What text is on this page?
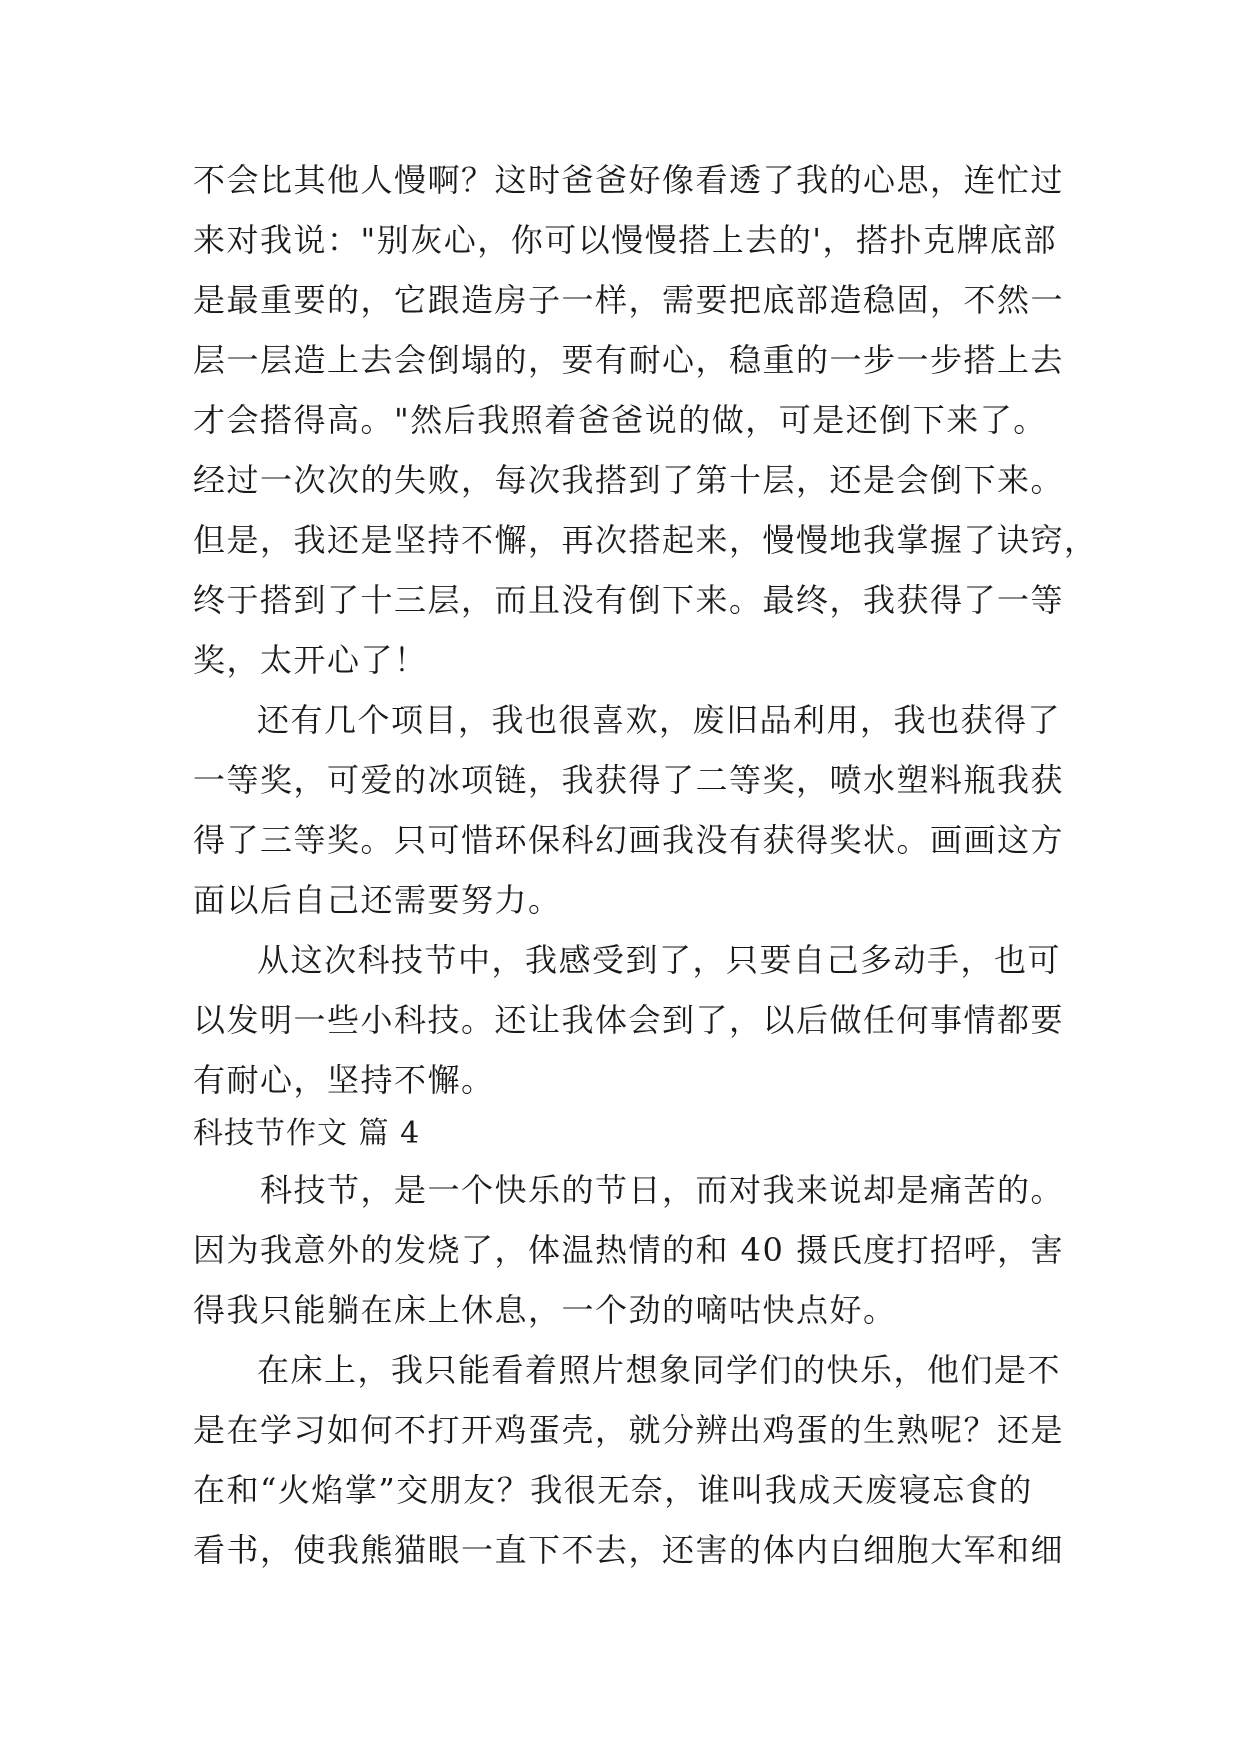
不会比其他人慢啊？这时爸爸好像看透了我的心思，连忙过
来对我说："别灰心，你可以慢慢搭上去的'，搭扑克牌底部
是最重要的，它跟造房子一样，需要把底部造稳固，不然一
层一层造上去会倒塌的，要有耐心，稳重的一步一步搭上去
才会搭得高。"然后我照着爸爸说的做，可是还倒下来了。
经过一次次的失败，每次我搭到了第十层，还是会倒下来。
但是，我还是坚持不懈，再次搭起来，慢慢地我掌握了诀窍，
终于搭到了十三层，而且没有倒下来。最终，我获得了一等
奖，太开心了！
还有几个项目，我也很喜欢，废旧品利用，我也获得了
一等奖，可爱的冰项链，我获得了二等奖，喷水塑料瓶我获
得了三等奖。只可惜环保科幻画我没有获得奖状。画画这方
面以后自己还需要努力。
从这次科技节中，我感受到了，只要自己多动手，也可
以发明一些小科技。还让我体会到了，以后做任何事情都要
有耐心，坚持不懈。
科技节作文 篇 4
科技节，是一个快乐的节日，而对我来说却是痛苦的。
因为我意外的发烧了，体温热情的和 40 摄氏度打招呼，害
得我只能躺在床上休息，一个劲的嘀咕快点好。
在床上，我只能看着照片想象同学们的快乐，他们是不
是在学习如何不打开鸡蛋壳，就分辨出鸡蛋的生熟呢？还是
在和“火焰掌”交朋友？我很无奈，谁叫我成天废寝忘食的
看书，使我熊猫眼一直下不去，还害的体内白细胞大军和细
